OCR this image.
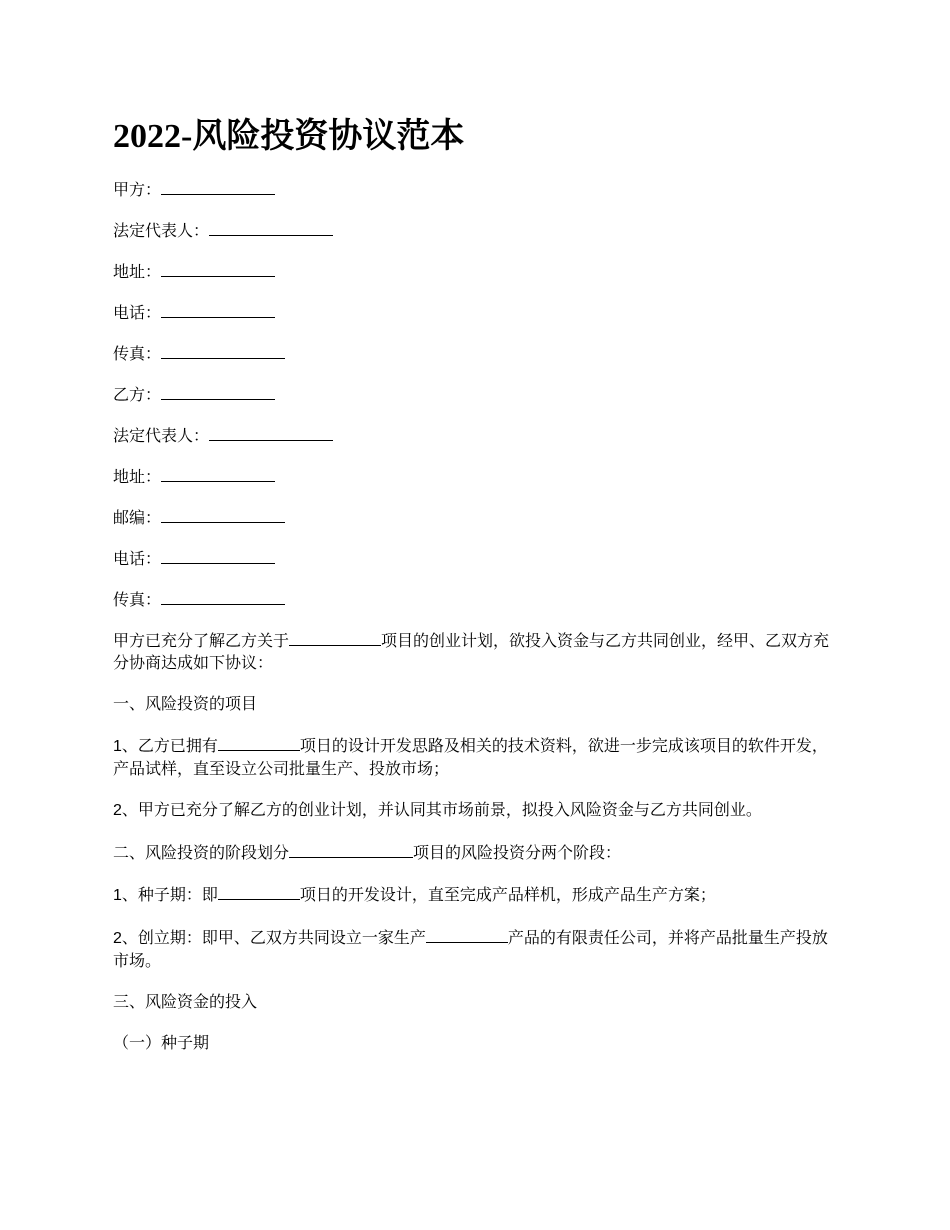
2022-风险投资协议范本
甲方：
法定代表人：
地址：
电话：
传真：
乙方：
法定代表人：
地址：
邮编：
电话：
传真：
甲方已充分了解乙方关于	项目的创业计划，欲投入资金与乙方共同创业，经甲、乙双方充分协商达成如下协议：
一、风险投资的项目
1、乙方已拥有	项日的设计开发思路及相关的技术资料，欲进一步完成该项目的软件开发，产品试样，直至设立公司批量生产、投放市场；
2、甲方已充分了解乙方的创业计划，并认同其市场前景，拟投入风险资金与乙方共同创业。
二、风险投资的阶段划分	项目的风险投资分两个阶段：
1、种子期：即	项日的开发设计，直至完成产品样机，形成产品生产方案；
2、创立期：即甲、乙双方共同设立一家生产	产品的有限责任公司，并将产品批量生产投放市场。
三、风险资金的投入
（一）种子期
